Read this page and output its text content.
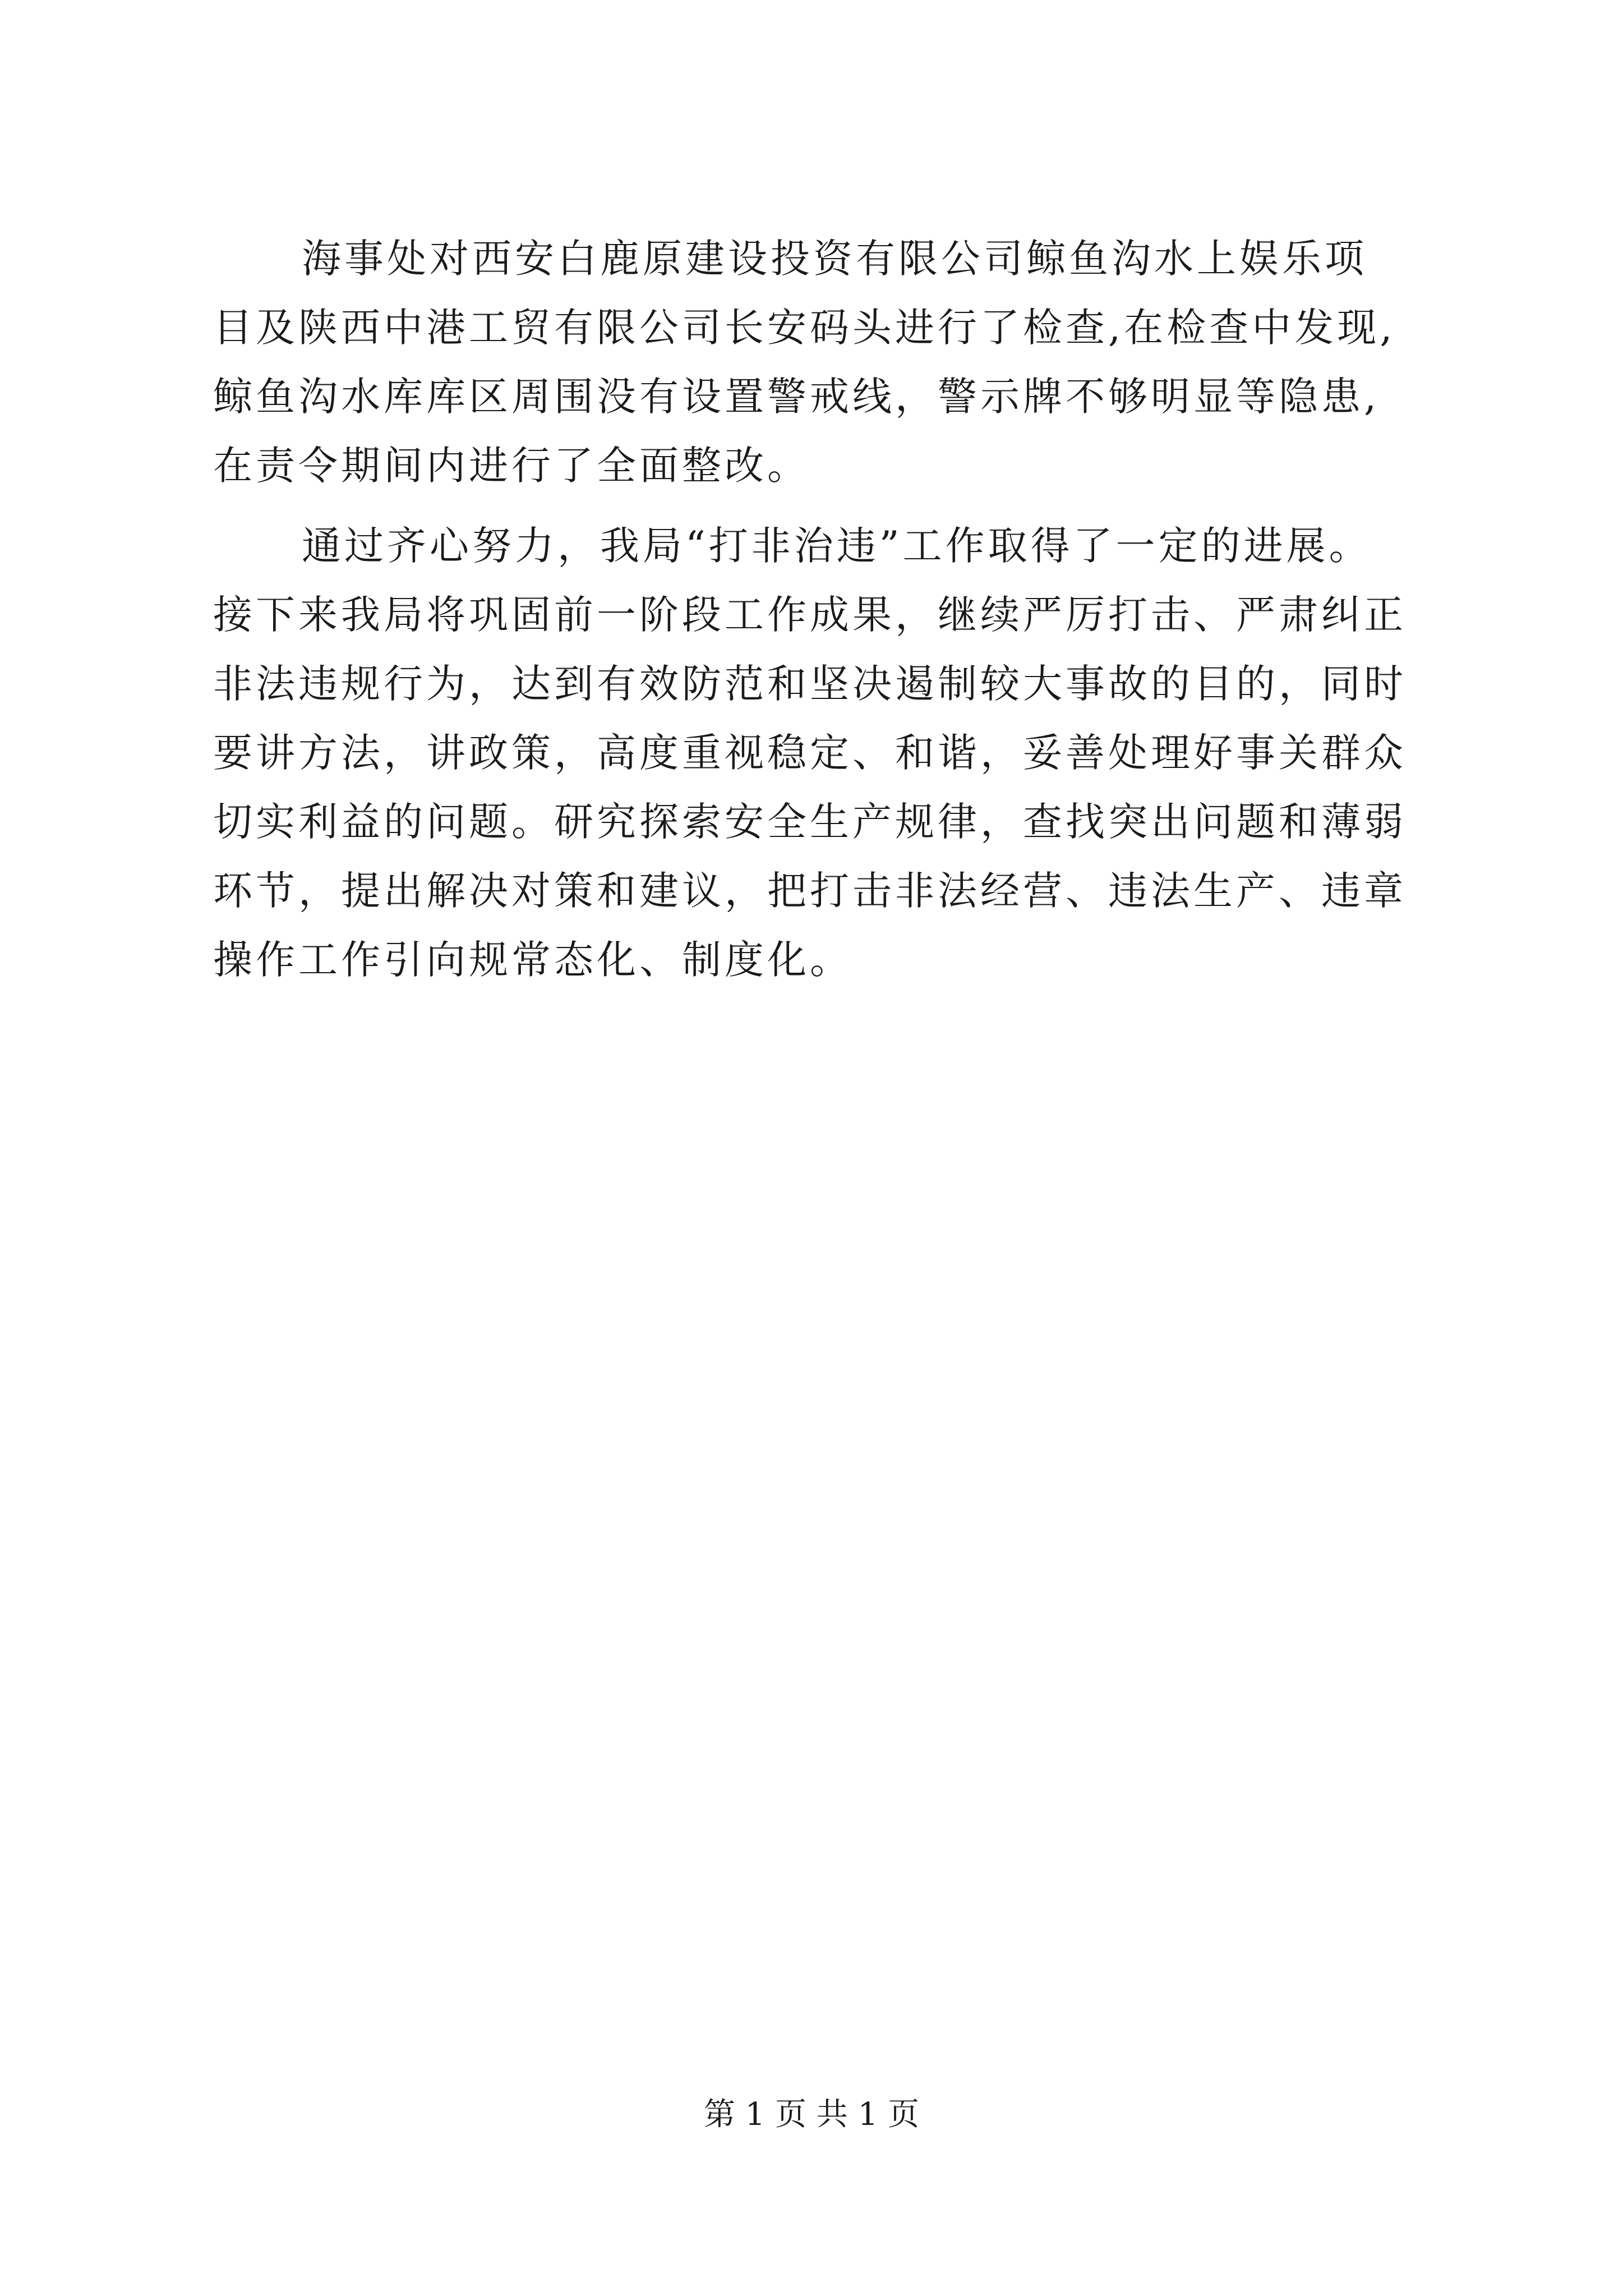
海事处对西安白鹿原建设投资有限公司鲸鱼沟水上娱乐项
目及陕西中港工贸有限公司长安码头进行了检查,在检查中发现,
鲸鱼沟水库库区周围没有设置警戒线，警示牌不够明显等隐患,
在责令期间内进行了全面整改。
通过齐心努力，我局“打非治违”工作取得了一定的进展。
接下来我局将巩固前一阶段工作成果，继续严厉打击、严肃纠正
非法违规行为，达到有效防范和坚决遏制较大事故的目的，同时
要讲方法，讲政策，高度重视稳定、和谐，妥善处理好事关群众
切实利益的问题。研究探索安全生产规律，查找突出问题和薄弱
环节，提出解决对策和建议，把打击非法经营、违法生产、违章
操作工作引向规常态化、制度化。
第 1 页 共 1 页
